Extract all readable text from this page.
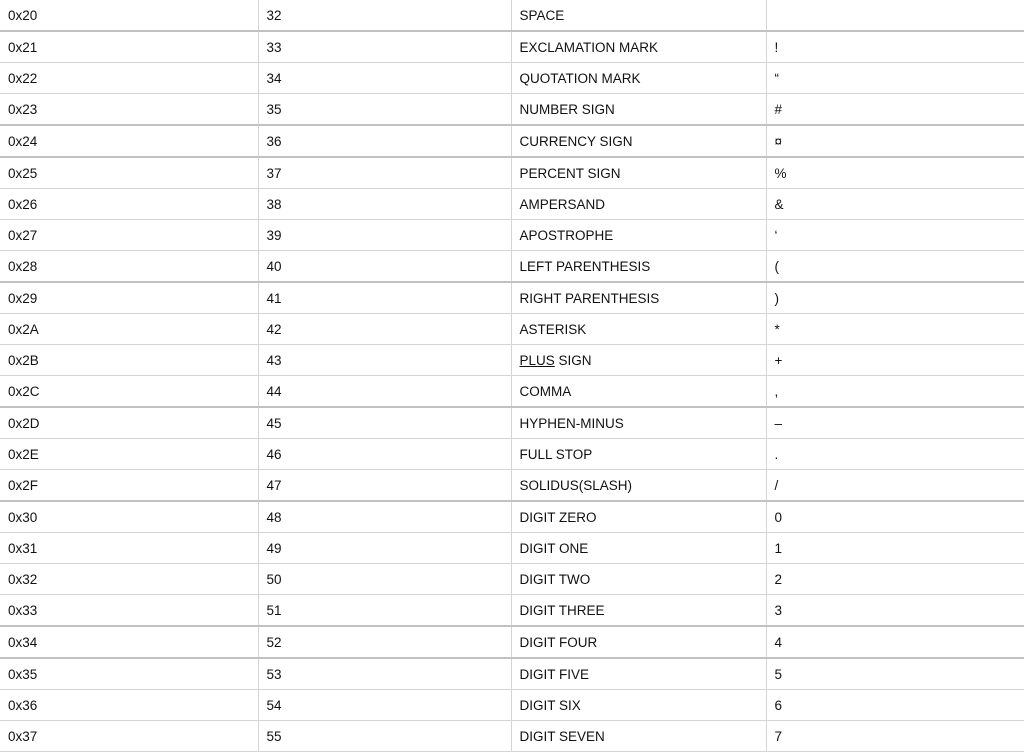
0x20	32	SPACE	
0x21	33	EXCLAMATION MARK	!
0x22	34	QUOTATION MARK	“
0x23	35	NUMBER SIGN	#
0x24	36	CURRENCY SIGN	¤
0x25	37	PERCENT SIGN	%
0x26	38	AMPERSAND	&
0x27	39	APOSTROPHE	‘
0x28	40	LEFT PARENTHESIS	(
0x29	41	RIGHT PARENTHESIS	)
0x2A	42	ASTERISK	*
0x2B	43	PLUS SIGN	+
0x2C	44	COMMA	,
0x2D	45	HYPHEN-MINUS	–
0x2E	46	FULL STOP	.
0x2F	47	SOLIDUS(SLASH)	/
0x30	48	DIGIT ZERO	0
0x31	49	DIGIT ONE	1
0x32	50	DIGIT TWO	2
0x33	51	DIGIT THREE	3
0x34	52	DIGIT FOUR	4
0x35	53	DIGIT FIVE	5
0x36	54	DIGIT SIX	6
0x37	55	DIGIT SEVEN	7
